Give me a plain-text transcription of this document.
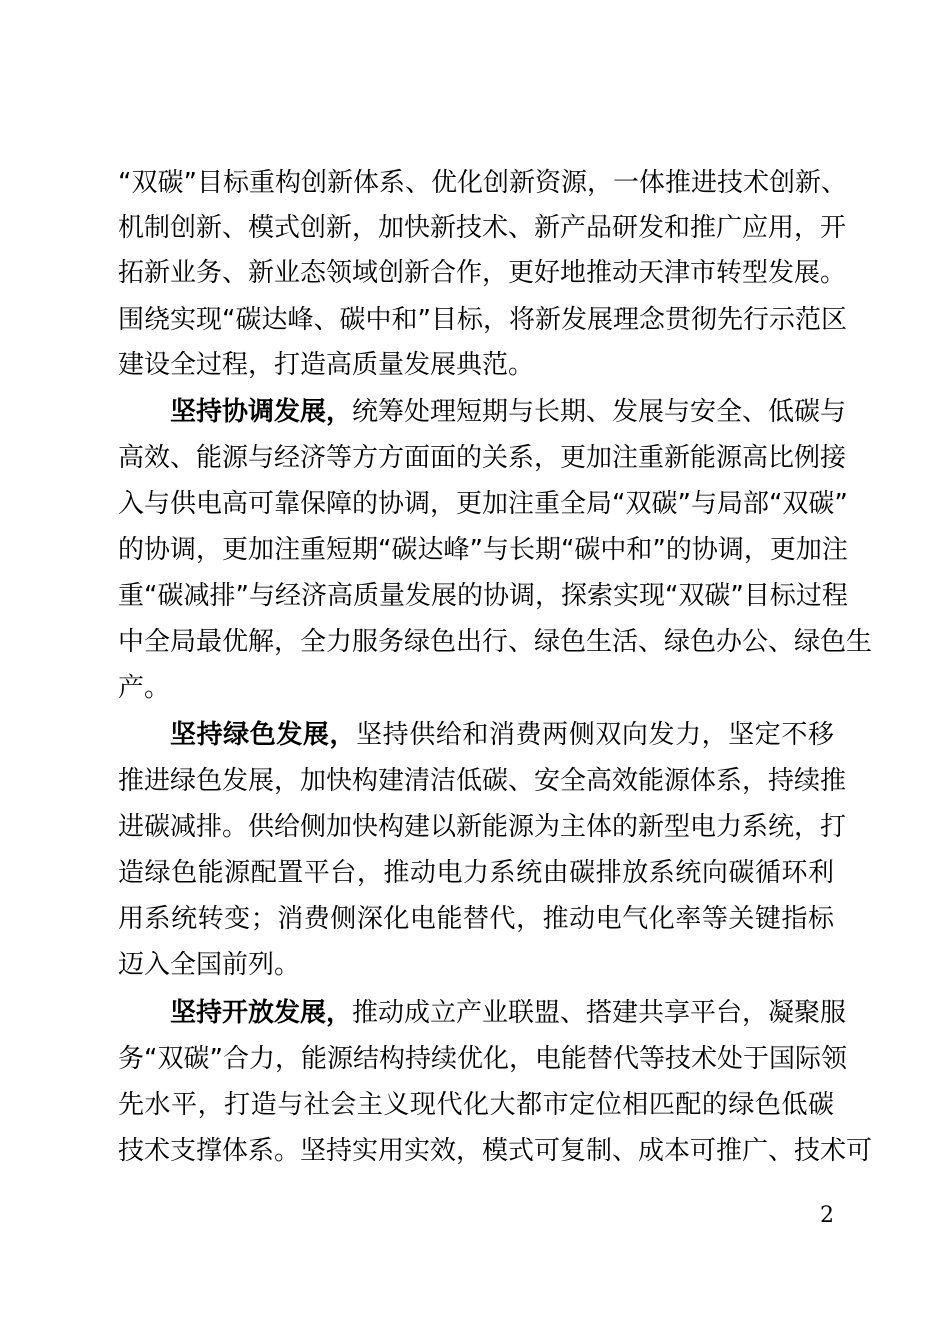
“双碳”目标重构创新体系、优化创新资源，一体推进技术创新、
机制创新、模式创新，加快新技术、新产品研发和推广应用，开
拓新业务、新业态领域创新合作，更好地推动天津市转型发展。
围绕实现“碳达峰、碳中和”目标，将新发展理念贯彻先行示范区
建设全过程，打造高质量发展典范。
坚持协调发展，统筹处理短期与长期、发展与安全、低碳与
高效、能源与经济等方方面面的关系，更加注重新能源高比例接
入与供电高可靠保障的协调，更加注重全局“双碳”与局部“双碳”
的协调，更加注重短期“碳达峰”与长期“碳中和”的协调，更加注
重“碳减排”与经济高质量发展的协调，探索实现“双碳”目标过程
中全局最优解，全力服务绿色出行、绿色生活、绿色办公、绿色生
产。
坚持绿色发展，坚持供给和消费两侧双向发力，坚定不移
推进绿色发展，加快构建清洁低碳、安全高效能源体系，持续推
进碳减排。供给侧加快构建以新能源为主体的新型电力系统，打
造绿色能源配置平台，推动电力系统由碳排放系统向碳循环利
用系统转变；消费侧深化电能替代，推动电气化率等关键指标
迈入全国前列。
坚持开放发展，推动成立产业联盟、搭建共享平台，凝聚服
务“双碳”合力，能源结构持续优化，电能替代等技术处于国际领
先水平，打造与社会主义现代化大都市定位相匹配的绿色低碳
技术支撑体系。坚持实用实效，模式可复制、成本可推广、技术可
2
